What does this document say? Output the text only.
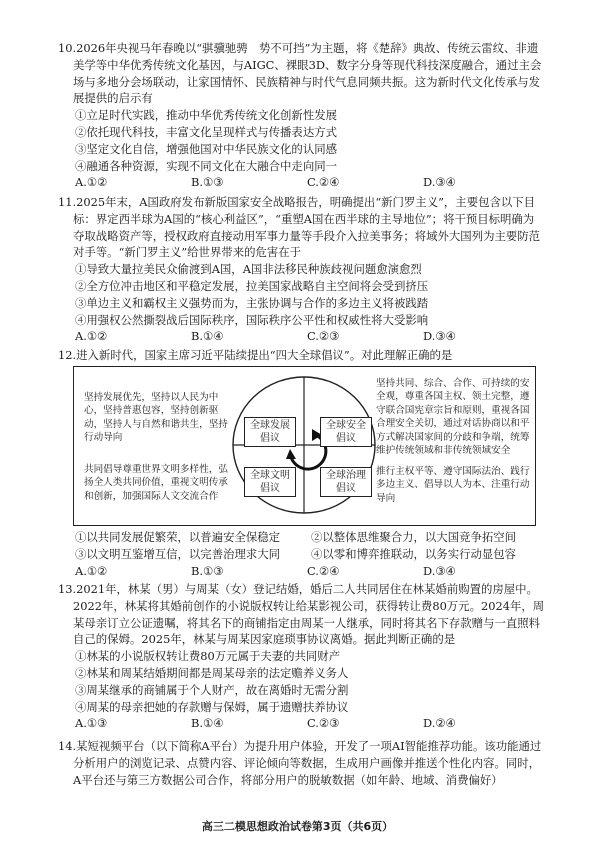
10.2026年央视马年春晚以“骐骥驰骋　势不可挡”为主题，将《楚辞》典故、传统云雷纹、非遗美学等中华优秀传统文化基因，与AIGC、裸眼3D、数字分身等现代科技深度融合，通过主会场与多地分会场联动，让家国情怀、民族精神与时代气息同频共振。这为新时代文化传承与发展提供的启示有

①立足时代实践，推动中华优秀传统文化创新性发展

②依托现代科技，丰富文化呈现样式与传播表达方式

③坚定文化自信，增强他国对中华民族文化的认同感

④融通各种资源，实现不同文化在大融合中走向同一

A.①②	B.①③	C.②④	D.③④

11.2025年末，A国政府发布新版国家安全战略报告，明确提出“新门罗主义”，主要包含以下目标：界定西半球为A国的“核心利益区”，“重塑A国在西半球的主导地位”；将干预目标明确为夺取战略资产等，授权政府直接动用军事力量等手段介入拉美事务；将域外大国列为主要防范对手等。“新门罗主义”给世界带来的危害在于

①导致大量拉美民众偷渡到A国，A国非法移民种族歧视问题愈演愈烈

②全方位冲击地区和平稳定发展，拉美国家战略自主空间将会受到挤压

③单边主义和霸权主义强势而为，主张协调与合作的多边主义将被践踏

④用强权公然撕裂战后国际秩序，国际秩序公平性和权威性将大受影响

A.①②	B.①④	C.②③	D.③④

12.进入新时代，国家主席习近平陆续提出“四大全球倡议”。对此理解正确的是

坚持发展优先，坚持以人民为中心，坚持普惠包容，坚持创新驱动，坚持人与自然和谐共生，坚持行动导向
坚持共同、综合、合作、可持续的安全观，尊重各国主权、领土完整，遵守联合国宪章宗旨和原则，重视各国合理安全关切，通过对话协商以和平方式解决国家间的分歧和争端，统筹维护传统领域和非传统领域安全
共同倡导尊重世界文明多样性，弘扬全人类共同价值，重视文明传承和创新，加强国际人文交流合作
推行主权平等、遵守国际法治、践行多边主义、倡导以人为本、注重行动导向
全球发展倡议
全球安全倡议
全球文明倡议
全球治理倡议
①以共同发展促繁荣，以普遍安全保稳定	②以整体思维聚合力，以大国竞争拓空间
③以文明互鉴增互信，以完善治理求大同	④以零和博弈推联动，以务实行动显包容
A.①②	B.①③	C.②④	D.③④

13.2021年，林某（男）与周某（女）登记结婚，婚后二人共同居住在林某婚前购置的房屋中。2022年，林某将其婚前创作的小说版权转让给某影视公司，获得转让费80万元。2024年，周某母亲订立公证遗嘱，将其名下的商铺指定由周某一人继承，同时将其名下存款赠与一直照料自己的保姆。2025年，林某与周某因家庭琐事协议离婚。据此判断正确的是

①林某的小说版权转让费80万元属于夫妻的共同财产

②林某和周某结婚期间都是周某母亲的法定赡养义务人

③周某继承的商铺属于个人财产，故在离婚时无需分割

④周某的母亲把她的存款赠与保姆，属于遗赠扶养协议

A.①③	B.①④	C.②③	D.②④

14.某短视频平台（以下简称A平台）为提升用户体验，开发了一项AI智能推荐功能。该功能通过分析用户的浏览记录、点赞内容、评论倾向等数据，生成用户画像并推送个性化内容。同时，A平台还与第三方数据公司合作，将部分用户的脱敏数据（如年龄、地域、消费偏好）

高三二模思想政治试卷第3页（共6页）
